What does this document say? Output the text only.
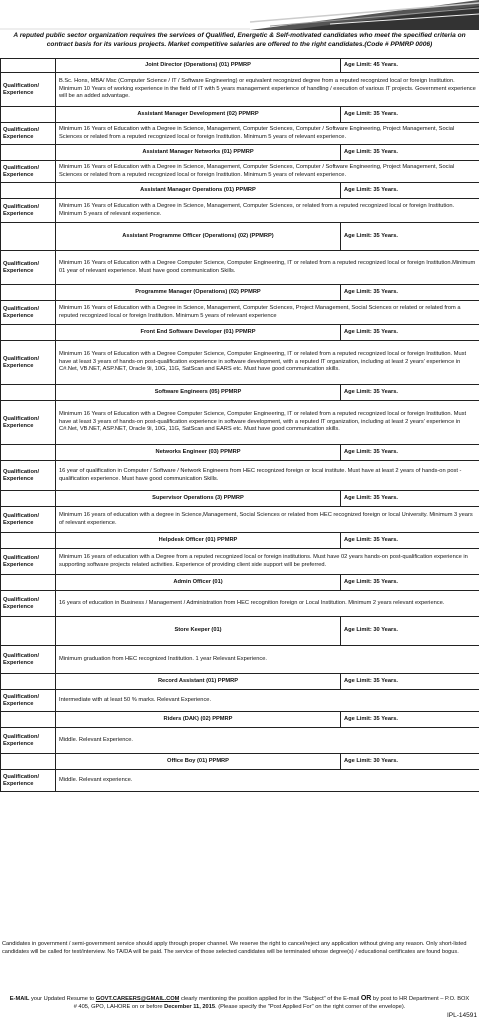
A reputed public sector organization requires the services of Qualified, Energetic & Self-motivated candidates who meet the specified criteria on contract basis for its various projects. Market competitive salaries are offered to the right candidates.(Code # PPMRP 0006)
	Joint Director (Operations) (01) PPMRP	Age Limit: 45 Years.
Qualification/ Experience	B.Sc. Hons, MBA/ Msc (Computer Science / IT / Software Engineering) or equivalent recognized degree from a reputed recognized local or foreign Institution. Minimum 10 Years of working experience in the field of IT with 5 years management experience of handling / execution of various IT projects. Government experience will be an added advantage.	
	Assistant Manager Development (02) PPMRP	Age Limit: 35 Years.
Qualification/ Experience	Minimum 16 Years of Education with a Degree in Science, Management, Computer Sciences, Computer / Software Engineering, Project Management, Social Sciences or related from a reputed recognized local or foreign Institution. Minimum 5 years of relevant experience.	
	Assistant Manager Networks (01) PPMRP	Age Limit: 35 Years.
Qualification/ Experience	Minimum 16 Years of Education with a Degree in Science, Management, Computer Sciences, Computer / Software Engineering, Project Management, Social Sciences or related from a reputed recognized local or foreign Institution. Minimum 5 years of relevant experience.	
	Assistant Manager Operations (01) PPMRP	Age Limit: 35 Years.
Qualification/ Experience	Minimum 16 Years of Education with a Degree in Science, Management, Computer Sciences, or related from a reputed recognized local or foreign Institution. Minimum 5 years of relevant experience.	
	Assistant Programme Officer (Operations) (02) (PPMRP)	Age Limit: 35 Years.
Qualification/ Experience	Minimum 16 Years of Education with a Degree Computer Science, Computer Engineering, IT or related from a reputed recognized local or foreign Institution.Minimum 01 year of relevant experience. Must have good communication Skills.	
	Programme Manager (Operations) (02) PPMRP	Age Limit: 35 Years.
Qualification/ Experience	Minimum 16 Years of Education with a Degree in Science, Management, Computer Sciences, Project Management, Social Sciences or related or related from a reputed recognized local or foreign Institution. Minimum 5 years of relevant experience	
	Front End Software Developer (01) PPMRP	Age Limit: 35 Years.
Qualification/ Experience	Minimum 16 Years of Education with a Degree Computer Science, Computer Engineering, IT or related from a reputed recognized local or foreign Institution. Must have at least 3 years of hands-on post-qualification experience in software development, with a reputed IT organization, including at least 2 years' experience in C#.Net, VB.NET, ASP.NET, Oracle 9i, 10G, 11G, SatScan and EARS etc. Must have good communication skills.	
	Software Engineers (05) PPMRP	Age Limit: 35 Years.
Qualification/ Experience	Minimum 16 Years of Education with a Degree Computer Science, Computer Engineering, IT or related from a reputed recognized local or foreign Institution. Must have at least 3 years of hands-on post-qualification experience in software development, with a reputed IT organization, including at least 2 years' experience in C#.Net, VB.NET, ASP.NET, Oracle 9i, 10G, 11G, SatScan and EARS etc. Must have good communication skills.	
	Networks Engineer (03) PPMRP	Age Limit: 35 Years.
Qualification/ Experience	16 year of qualification in Computer / Software / Network Engineers from HEC recognized foreign or local institute. Must have at least 2 years of hands-on post -qualification experience. Must have good communication Skills.	
	Supervisor Operations (3) PPMRP	Age Limit: 35 Years.
Qualification/ Experience	Minimum 16 years of education with a degree in Science,Management, Social Sciences or related from HEC recognized foreign or local University. Minimum 3 years of relevant experience.	
	Helpdesk Officer (01) PPMRP	Age Limit: 35 Years.
Qualification/ Experience	Minimum 16 years of education with a Degree from a reputed recognized local or foreign institutions. Must have 02 years hands-on post-qualification experience in supporting software projects related activities. Experience of providing client side support will be preferred.	
	Admin Officer (01)	Age Limit: 35 Years.
Qualification/ Experience	16 years of education in Business / Management / Administration from HEC recognition foreign or Local Institution. Minimum 2 years relevant experience.	
	Store Keeper (01)	Age Limit: 30 Years.
Qualification/ Experience	Minimum graduation from HEC recognized Institution. 1 year Relevant Experience.	
	Record Assistant (01) PPMRP	Age Limit: 35 Years.
Qualification/ Experience	Intermediate with at least 50 % marks. Relevant Experience.	
	Riders (DAK) (02) PPMRP	Age Limit: 35 Years.
Qualification/ Experience	Middle. Relevant Experience.	
	Office Boy (01) PPMRP	Age Limit: 30 Years.
Qualification/ Experience	Middle. Relevant experience.	
Candidates in government / semi-government service should apply through proper channel. We reserve the right to cancel/reject any application without giving any reason. Only short-listed candidates will be called for test/interview. No TA/DA will be paid. The service of those selected candidates will be terminated whose degree(s) / educational certificates are found bogus.
E-MAIL your Updated Resume to GOVT.CAREERS@GMAIL.COM clearly mentioning the position applied for in the "Subject" of the E-mail OR by post to HR Department – P.O. BOX # 405, GPO, LAHORE on or before December 11, 2015. (Please specify the "Post Applied For" on the right corner of the envelope).
IPL-14591
